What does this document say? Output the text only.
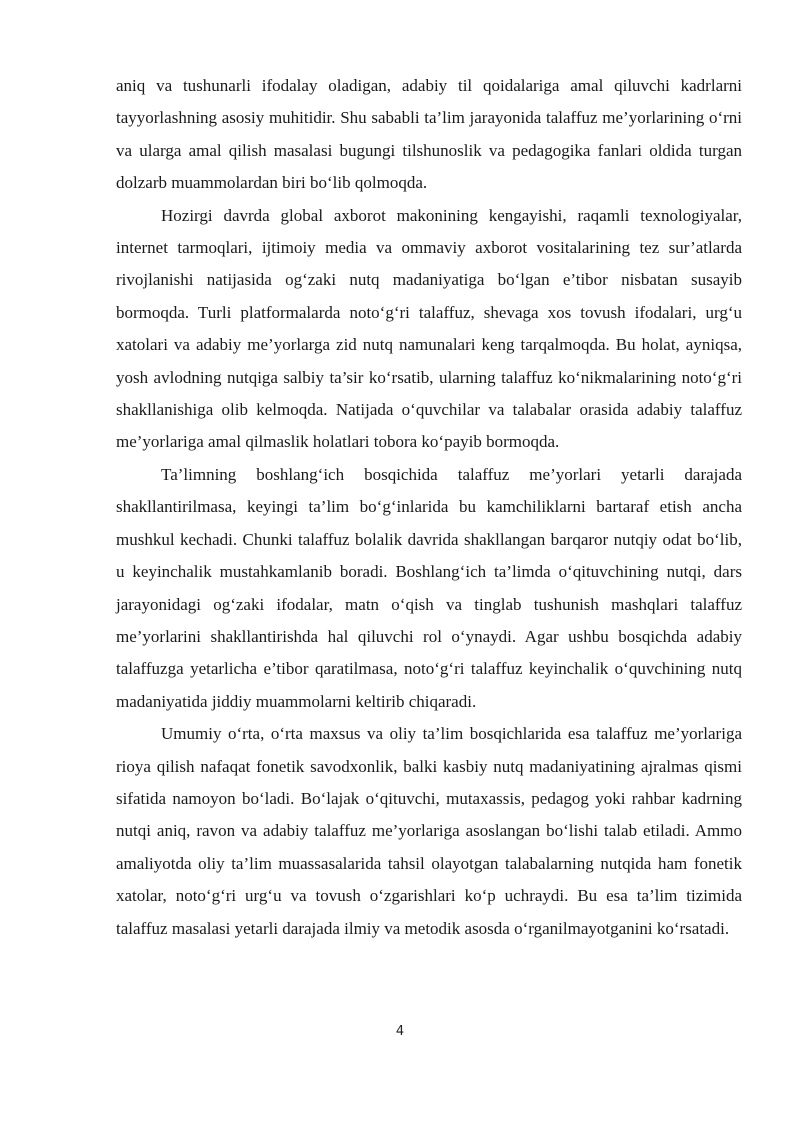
aniq va tushunarli ifodalay oladigan, adabiy til qoidalariga amal qiluvchi kadrlarni tayyorlashning asosiy muhitidir. Shu sababli ta’lim jarayonida talaffuz me’yorlarining o‘rni va ularga amal qilish masalasi bugungi tilshunoslik va pedagogika fanlari oldida turgan dolzarb muammolardan biri bo‘lib qolmoqda.

Hozirgi davrda global axborot makonining kengayishi, raqamli texnologiyalar, internet tarmoqlari, ijtimoiy media va ommaviy axborot vositalarining tez sur’atlarda rivojlanishi natijasida og‘zaki nutq madaniyatiga bo‘lgan e’tibor nisbatan susayib bormoqda. Turli platformalarda noto‘g‘ri talaffuz, shevaga xos tovush ifodalari, urg‘u xatolari va adabiy me’yorlarga zid nutq namunalari keng tarqalmoqda. Bu holat, ayniqsa, yosh avlodning nutqiga salbiy ta’sir ko‘rsatib, ularning talaffuz ko‘nikmalarining noto‘g‘ri shakllanishiga olib kelmoqda. Natijada o‘quvchilar va talabalar orasida adabiy talaffuz me’yorlariga amal qilmaslik holatlari tobora ko‘payib bormoqda.

Ta’limning boshlang‘ich bosqichida talaffuz me’yorlari yetarli darajada shakllantirilmasa, keyingi ta’lim bo‘g‘inlarida bu kamchiliklarni bartaraf etish ancha mushkul kechadi. Chunki talaffuz bolalik davrida shakllangan barqaror nutqiy odat bo‘lib, u keyinchalik mustahkamlanib boradi. Boshlang‘ich ta’limda o‘qituvchining nutqi, dars jarayonidagi og‘zaki ifodalar, matn o‘qish va tinglab tushunish mashqlari talaffuz me’yorlarini shakllantirishda hal qiluvchi rol o‘ynaydi. Agar ushbu bosqichda adabiy talaffuzga yetarlicha e’tibor qaratilmasa, noto‘g‘ri talaffuz keyinchalik o‘quvchining nutq madaniyatida jiddiy muammolarni keltirib chiqaradi.

Umumiy o‘rta, o‘rta maxsus va oliy ta’lim bosqichlarida esa talaffuz me’yorlariga rioya qilish nafaqat fonetik savodxonlik, balki kasbiy nutq madaniyatining ajralmas qismi sifatida namoyon bo‘ladi. Bo‘lajak o‘qituvchi, mutaxassis, pedagog yoki rahbar kadrning nutqi aniq, ravon va adabiy talaffuz me’yorlariga asoslangan bo‘lishi talab etiladi. Ammo amaliyotda oliy ta’lim muassasalarida tahsil olayotgan talabalarning nutqida ham fonetik xatolar, noto‘g‘ri urg‘u va tovush o‘zgarishlari ko‘p uchraydi. Bu esa ta’lim tizimida talaffuz masalasi yetarli darajada ilmiy va metodik asosda o‘rganilmayotganini ko‘rsatadi.

4
